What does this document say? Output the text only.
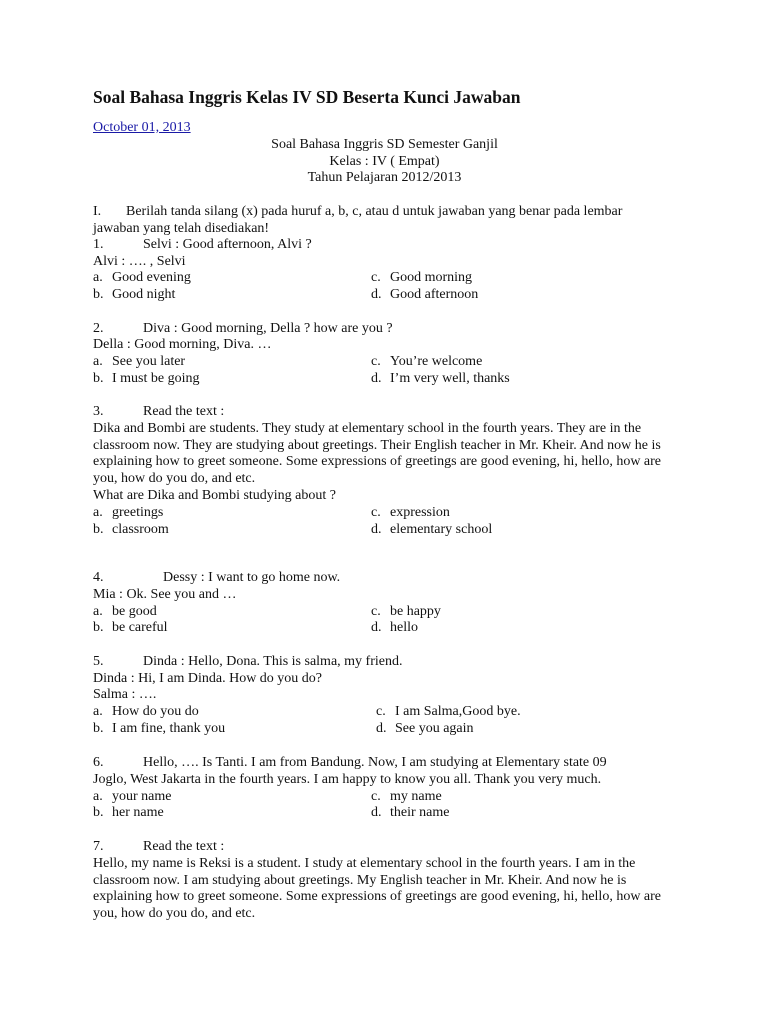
Soal Bahasa Inggris Kelas IV SD Beserta Kunci Jawaban
October 01, 2013
Soal Bahasa Inggris SD Semester Ganjil
Kelas : IV ( Empat)
Tahun Pelajaran 2012/2013
I. Berilah tanda silang (x) pada huruf a, b, c, atau d untuk jawaban yang benar pada lembar
jawaban yang telah disediakan!
1.	Selvi : Good afternoon, Alvi ?
Alvi : …. , Selvi
a. Good evening	c. Good morning
b. Good night	d. Good afternoon
2.	Diva : Good morning, Della ? how are you ?
Della : Good morning, Diva. …
a. See you later	c. You’re welcome
b. I must be going	d. I’m very well, thanks
3.	Read the text :
Dika and Bombi are students. They study at elementary school in the fourth years. They are in the classroom now. They are studying about greetings. Their English teacher in Mr. Kheir. And now he is explaining how to greet someone. Some expressions of greetings are good evening, hi, hello, how are you, how do you do, and etc.
What are Dika and Bombi studying about ?
a. greetings	c. expression
b. classroom	d. elementary school
4.	Dessy : I want to go home now.
Mia : Ok. See you and …
a. be good	c. be happy
b. be careful	d. hello
5.	Dinda : Hello, Dona. This is salma, my friend.
Dinda : Hi, I am Dinda. How do you do?
Salma : ….
a. How do you do	c. I am Salma,Good bye.
b. I am fine, thank you	d. See you again
6.	Hello, …. Is Tanti. I am from Bandung. Now, I am studying at Elementary state 09
Joglo, West Jakarta in the fourth years. I am happy to know you all. Thank you very much.
a. your name	c. my name
b. her name	d. their name
7.	Read the text :
Hello, my name is Reksi is a student. I study at elementary school in the fourth years. I am in the classroom now. I am studying about greetings. My English teacher in Mr. Kheir. And now he is explaining how to greet someone. Some expressions of greetings are good evening, hi, hello, how are you, how do you do, and etc.
